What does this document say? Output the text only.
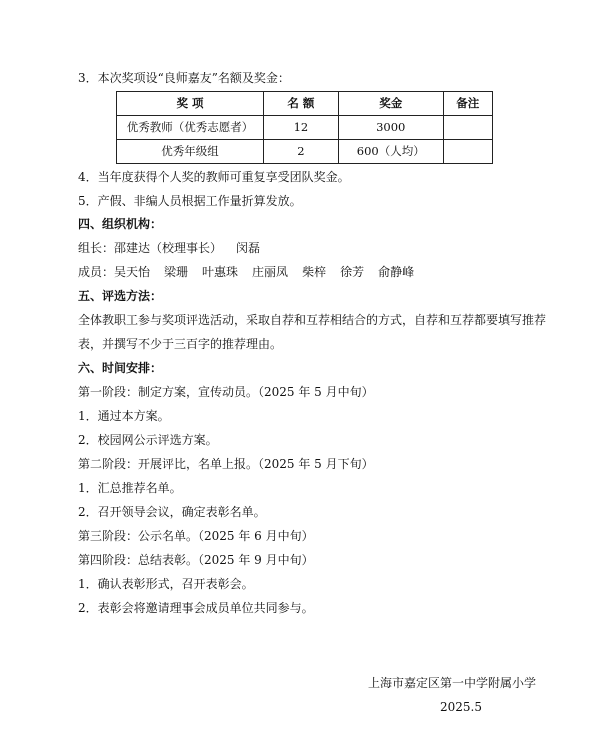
3．本次奖项设“良师嘉友”名额及奖金：
奖 项	名 额	奖金	备注
优秀教师（优秀志愿者）	12	3000	
优秀年级组	2	600（人均）	
4．当年度获得个人奖的教师可重复享受团队奖金。
5．产假、非编人员根据工作量折算发放。
四、组织机构：
组长：邵建达（校理事长） 闵磊
成员：吴天怡 梁珊 叶惠珠 庄丽凤 柴梓 徐芳 俞静峰
五、评选方法：
全体教职工参与奖项评选活动，采取自荐和互荐相结合的方式，自荐和互荐都要填写推荐
表，并撰写不少于三百字的推荐理由。
六、时间安排：
第一阶段：制定方案，宣传动员。（2025 年 5 月中旬）
1．通过本方案。
2．校园网公示评选方案。
第二阶段：开展评比，名单上报。（2025 年 5 月下旬）
1．汇总推荐名单。
2．召开领导会议，确定表彰名单。
第三阶段：公示名单。（2025 年 6 月中旬）
第四阶段：总结表彰。（2025 年 9 月中旬）
1．确认表彰形式，召开表彰会。
2．表彰会将邀请理事会成员单位共同参与。
上海市嘉定区第一中学附属小学
2025.5
